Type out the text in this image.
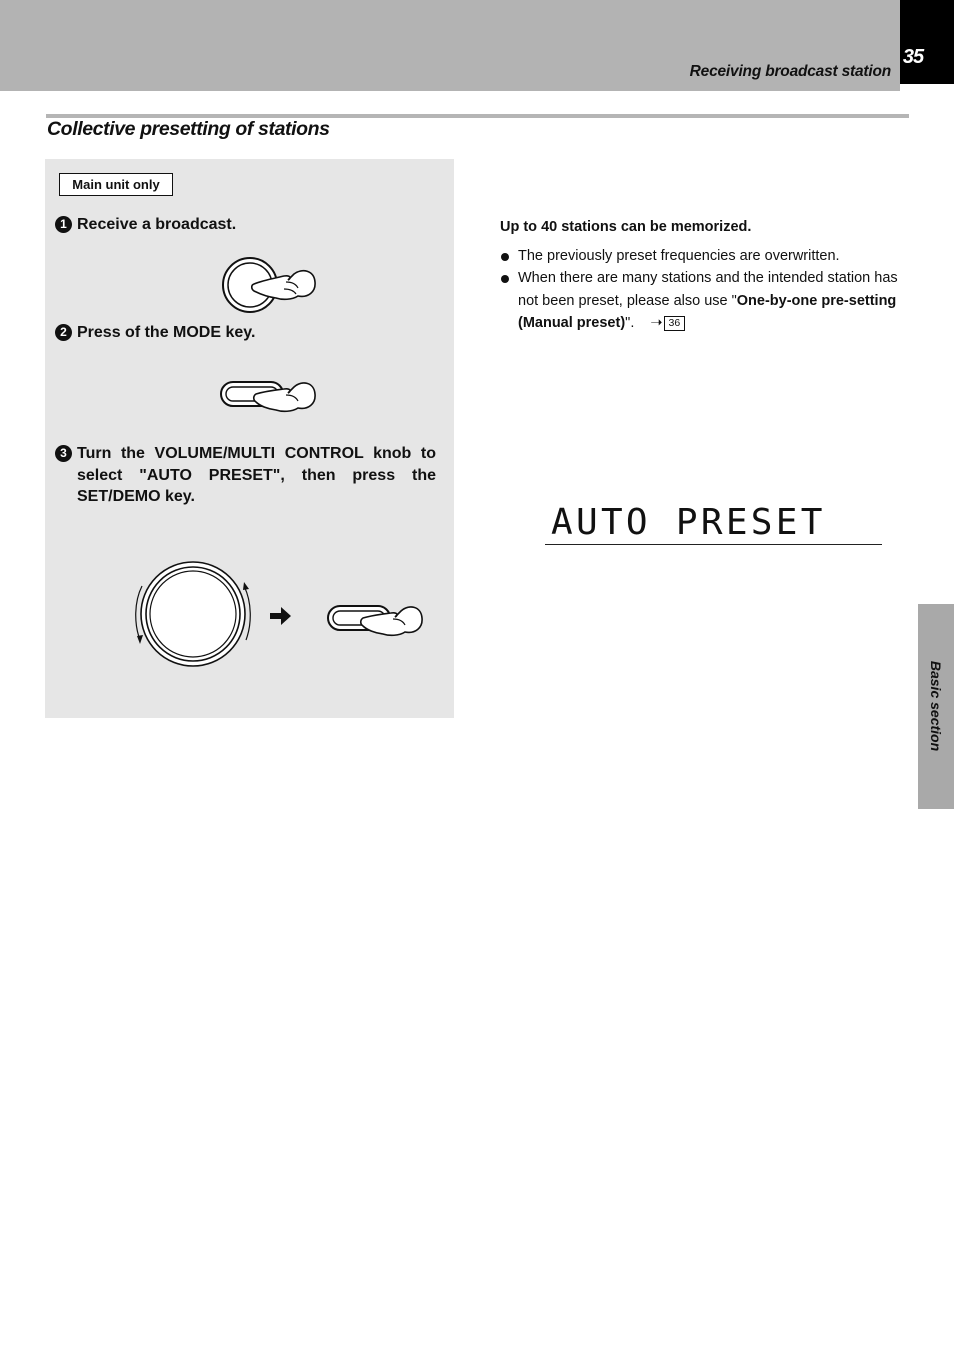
Receiving broadcast station
35
Collective presetting of stations
Main unit only
1 Receive a broadcast.
2 Press of the MODE key.
3 Turn the VOLUME/MULTI CONTROL knob to select "AUTO PRESET", then press the SET/DEMO key.
Up to 40 stations can be memorized.
The previously preset frequencies are overwritten.
When there are many stations and the intended station has not been preset, please also use "One-by-one pre-setting (Manual preset)". ➝ 36
AUTO PRESET
Basic section
